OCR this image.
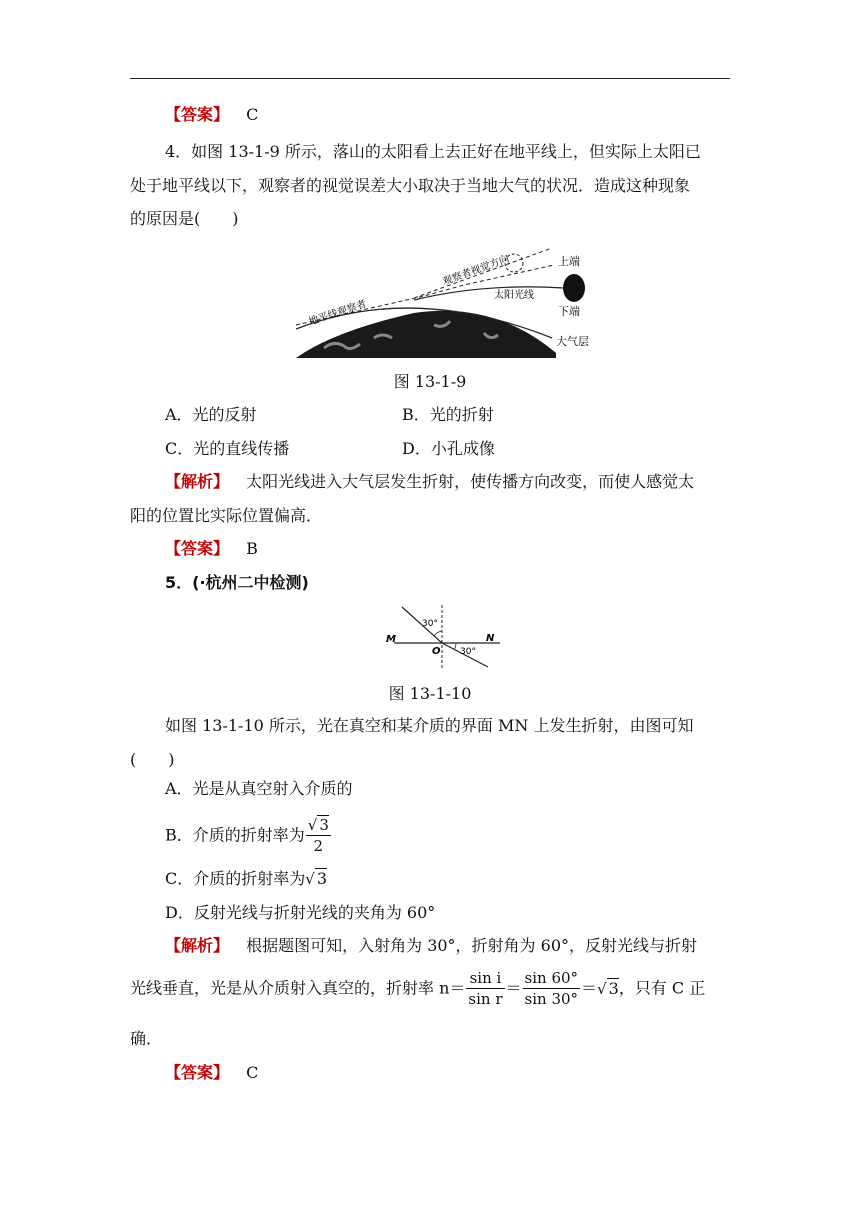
【答案】 C
4．如图 13-1-9 所示，落山的太阳看上去正好在地平线上，但实际上太阳已
处于地平线以下，观察者的视觉误差大小取决于当地大气的状况．造成这种现象
的原因是(　　)
观察者视觉方向	上端
下端
太阳光线
地平线观察者
大气层
图 13-1-9
A．光的反射	B．光的折射
C．光的直线传播	D．小孔成像
【解析】 太阳光线进入大气层发生折射，使传播方向改变，而使人感觉太
阳的位置比实际位置偏高．
【答案】 B
5．(·杭州二中检测)
M	N
O
30°
30°
图 13-1-10
如图 13-1-10 所示，光在真空和某介质的界面 MN 上发生折射，由图可知
(　　)
A．光是从真空射入介质的
B．介质的折射率为 $\frac{√ 3}{2}$
C．介质的折射率为√ 3
D．反射光线与折射光线的夹角为 60°
【解析】 根据题图可知，入射角为 30°，折射角为 60°，反射光线与折射
光线垂直，光是从介质射入真空的，折射率 $n= \frac{\text{sin i}}{\text{sin r}} = \frac{\sin 60^\circ}{\sin 30^\circ}$ ＝√ 3，只有 C 正
确．
【答案】 C
